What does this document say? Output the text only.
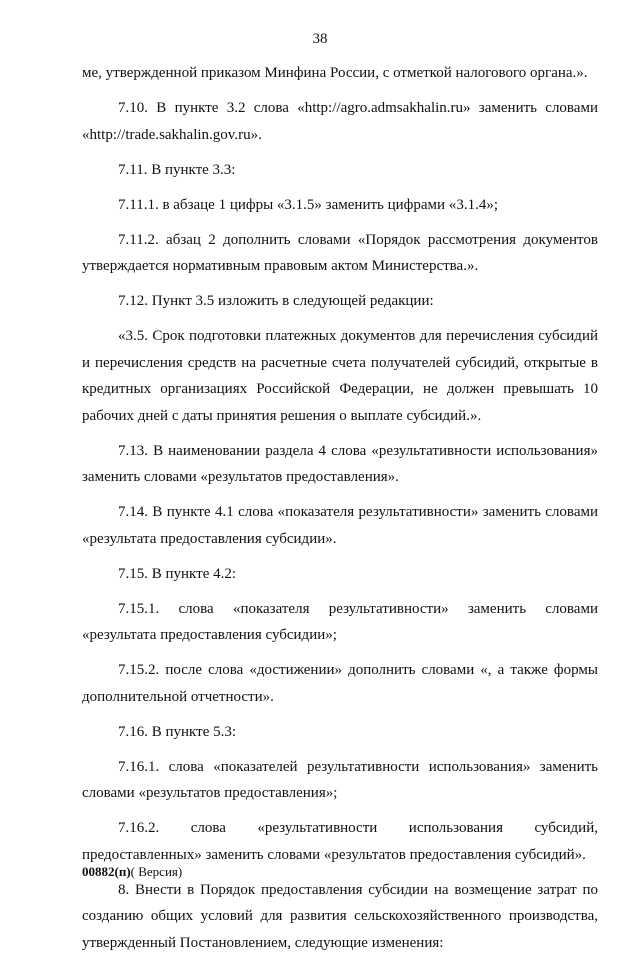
38

ме, утвержденной приказом Минфина России, с отметкой налогового органа.».

7.10. В пункте 3.2 слова «http://agro.admsakhalin.ru» заменить словами «http://trade.sakhalin.gov.ru».

7.11. В пункте 3.3:

7.11.1. в абзаце 1 цифры «3.1.5» заменить цифрами «3.1.4»;

7.11.2. абзац 2 дополнить словами «Порядок рассмотрения документов утверждается нормативным правовым актом Министерства.».

7.12. Пункт 3.5 изложить в следующей редакции:

«3.5. Срок подготовки платежных документов для перечисления субсидий и перечисления средств на расчетные счета получателей субсидий, открытые в кредитных организациях Российской Федерации, не должен превышать 10 рабочих дней с даты принятия решения о выплате субсидий.».

7.13. В наименовании раздела 4 слова «результативности использования» заменить словами «результатов предоставления».

7.14. В пункте 4.1 слова «показателя результативности» заменить словами «результата предоставления субсидии».

7.15. В пункте 4.2:

7.15.1. слова «показателя результативности» заменить словами «результата предоставления субсидии»;

7.15.2. после слова «достижении» дополнить словами «, а также формы дополнительной отчетности».

7.16. В пункте 5.3:

7.16.1. слова «показателей результативности использования» заменить словами «результатов предоставления»;

7.16.2. слова «результативности использования субсидий, предоставленных» заменить словами «результатов предоставления субсидий».

8. Внести в Порядок предоставления субсидии на возмещение затрат по созданию общих условий для развития сельскохозяйственного производства, утвержденный Постановлением, следующие изменения:

00882(п)( Версия)
